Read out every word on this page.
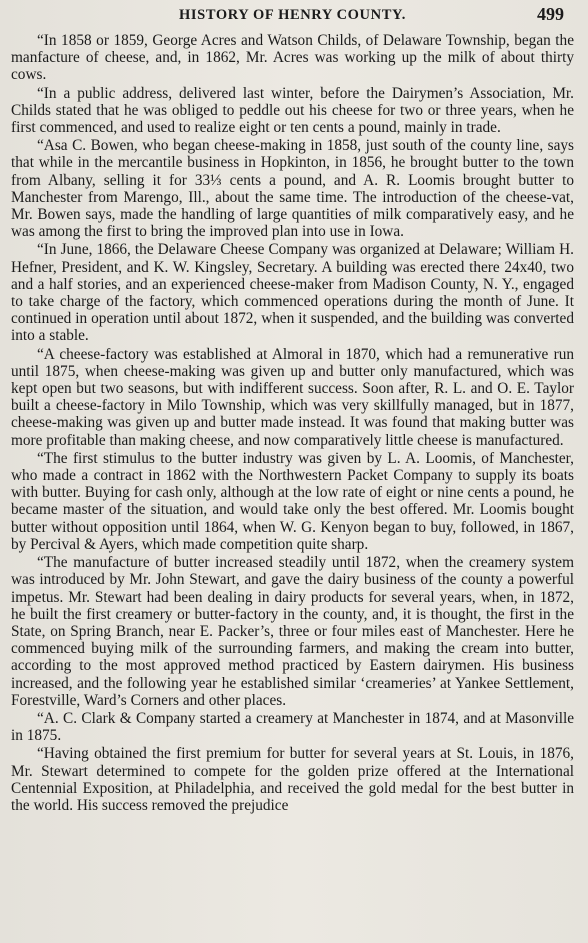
HISTORY OF HENRY COUNTY.	499

“In 1858 or 1859, George Acres and Watson Childs, of Delaware Township, began the manfacture of cheese, and, in 1862, Mr. Acres was working up the milk of about thirty cows.

“In a public address, delivered last winter, before the Dairymen’s Association, Mr. Childs stated that he was obliged to peddle out his cheese for two or three years, when he first commenced, and used to realize eight or ten cents a pound, mainly in trade.

“Asa C. Bowen, who began cheese-making in 1858, just south of the county line, says that while in the mercantile business in Hopkinton, in 1856, he brought butter to the town from Albany, selling it for 33⅓ cents a pound, and A. R. Loomis brought butter to Manchester from Marengo, Ill., about the same time. The introduction of the cheese-vat, Mr. Bowen says, made the handling of large quantities of milk comparatively easy, and he was among the first to bring the improved plan into use in Iowa.

“In June, 1866, the Delaware Cheese Company was organized at Delaware; William H. Hefner, President, and K. W. Kingsley, Secretary. A building was erected there 24x40, two and a half stories, and an experienced cheese-maker from Madison County, N. Y., engaged to take charge of the factory, which commenced operations during the month of June. It continued in operation until about 1872, when it suspended, and the building was converted into a stable.

“A cheese-factory was established at Almoral in 1870, which had a remunerative run until 1875, when cheese-making was given up and butter only manufactured, which was kept open but two seasons, but with indifferent success. Soon after, R. L. and O. E. Taylor built a cheese-factory in Milo Township, which was very skillfully managed, but in 1877, cheese-making was given up and butter made instead. It was found that making butter was more profitable than making cheese, and now comparatively little cheese is manufactured.

“The first stimulus to the butter industry was given by L. A. Loomis, of Manchester, who made a contract in 1862 with the Northwestern Packet Company to supply its boats with butter. Buying for cash only, although at the low rate of eight or nine cents a pound, he became master of the situation, and would take only the best offered. Mr. Loomis bought butter without opposition until 1864, when W. G. Kenyon began to buy, followed, in 1867, by Percival & Ayers, which made competition quite sharp.

“The manufacture of butter increased steadily until 1872, when the creamery system was introduced by Mr. John Stewart, and gave the dairy business of the county a powerful impetus. Mr. Stewart had been dealing in dairy products for several years, when, in 1872, he built the first creamery or butter-factory in the county, and, it is thought, the first in the State, on Spring Branch, near E. Packer’s, three or four miles east of Manchester. Here he commenced buying milk of the surrounding farmers, and making the cream into butter, according to the most approved method practiced by Eastern dairymen. His business increased, and the following year he established similar ‘creameries’ at Yankee Settlement, Forestville, Ward’s Corners and other places.

“A. C. Clark & Company started a creamery at Manchester in 1874, and at Masonville in 1875.

“Having obtained the first premium for butter for several years at St. Louis, in 1876, Mr. Stewart determined to compete for the golden prize offered at the International Centennial Exposition, at Philadelphia, and received the gold medal for the best butter in the world. His success removed the prejudice
